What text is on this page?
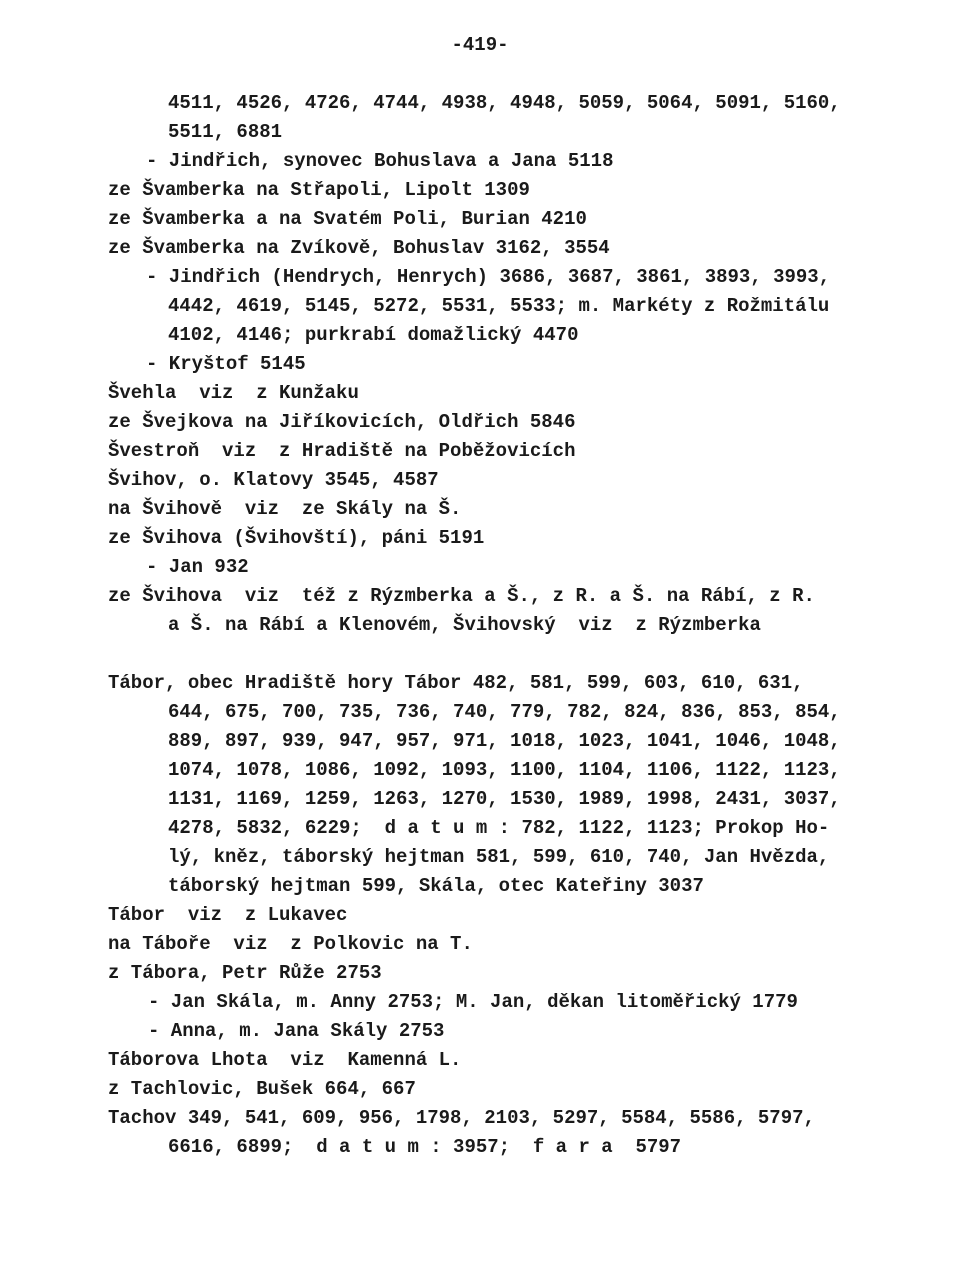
-419-
4511, 4526, 4726, 4744, 4938, 4948, 5059, 5064, 5091, 5160,
5511, 6881
- Jindřich, synovec Bohuslava a Jana 5118
ze Švamberka na Střapoli, Lipolt 1309
ze Švamberka a na Svatém Poli, Burian 4210
ze Švamberka na Zvíkově, Bohuslav 3162, 3554
- Jindřich (Hendrych, Henrych) 3686, 3687, 3861, 3893, 3993,
4442, 4619, 5145, 5272, 5531, 5533; m. Markéty z Rožmitálu
4102, 4146; purkrabí domažlický 4470
- Kryštof 5145
Švehla  viz  z Kunžaku
ze Švejkova na Jiříkovicích, Oldřich 5846
Švestroň  viz  z Hradiště na Poběžovicích
Švihov, o. Klatovy 3545, 4587
na Švihově  viz  ze Skály na Š.
ze Švihova (Švihovští), páni 5191
- Jan 932
ze Švihova  viz  též z Rýzmberka a Š., z R. a Š. na Rábí, z R.
a Š. na Rábí a Klenovém, Švihovský  viz  z Rýzmberka
Tábor, obec Hradiště hory Tábor 482, 581, 599, 603, 610, 631,
644, 675, 700, 735, 736, 740, 779, 782, 824, 836, 853, 854,
889, 897, 939, 947, 957, 971, 1018, 1023, 1041, 1046, 1048,
1074, 1078, 1086, 1092, 1093, 1100, 1104, 1106, 1122, 1123,
1131, 1169, 1259, 1263, 1270, 1530, 1989, 1998, 2431, 3037,
4278, 5832, 6229;  d a t u m : 782, 1122, 1123; Prokop Ho-
lý, kněz, táborský hejtman 581, 599, 610, 740, Jan Hvězda,
táborský hejtman 599, Skála, otec Kateřiny 3037
Tábor  viz  z Lukavec
na Táboře  viz  z Polkovic na T.
z Tábora, Petr Růže 2753
- Jan Skála, m. Anny 2753; M. Jan, děkan litoměřický 1779
- Anna, m. Jana Skály 2753
Táborova Lhota  viz  Kamenná L.
z Tachlovic, Bušek 664, 667
Tachov 349, 541, 609, 956, 1798, 2103, 5297, 5584, 5586, 5797,
6616, 6899;  d a t u m : 3957;  f a r a  5797
